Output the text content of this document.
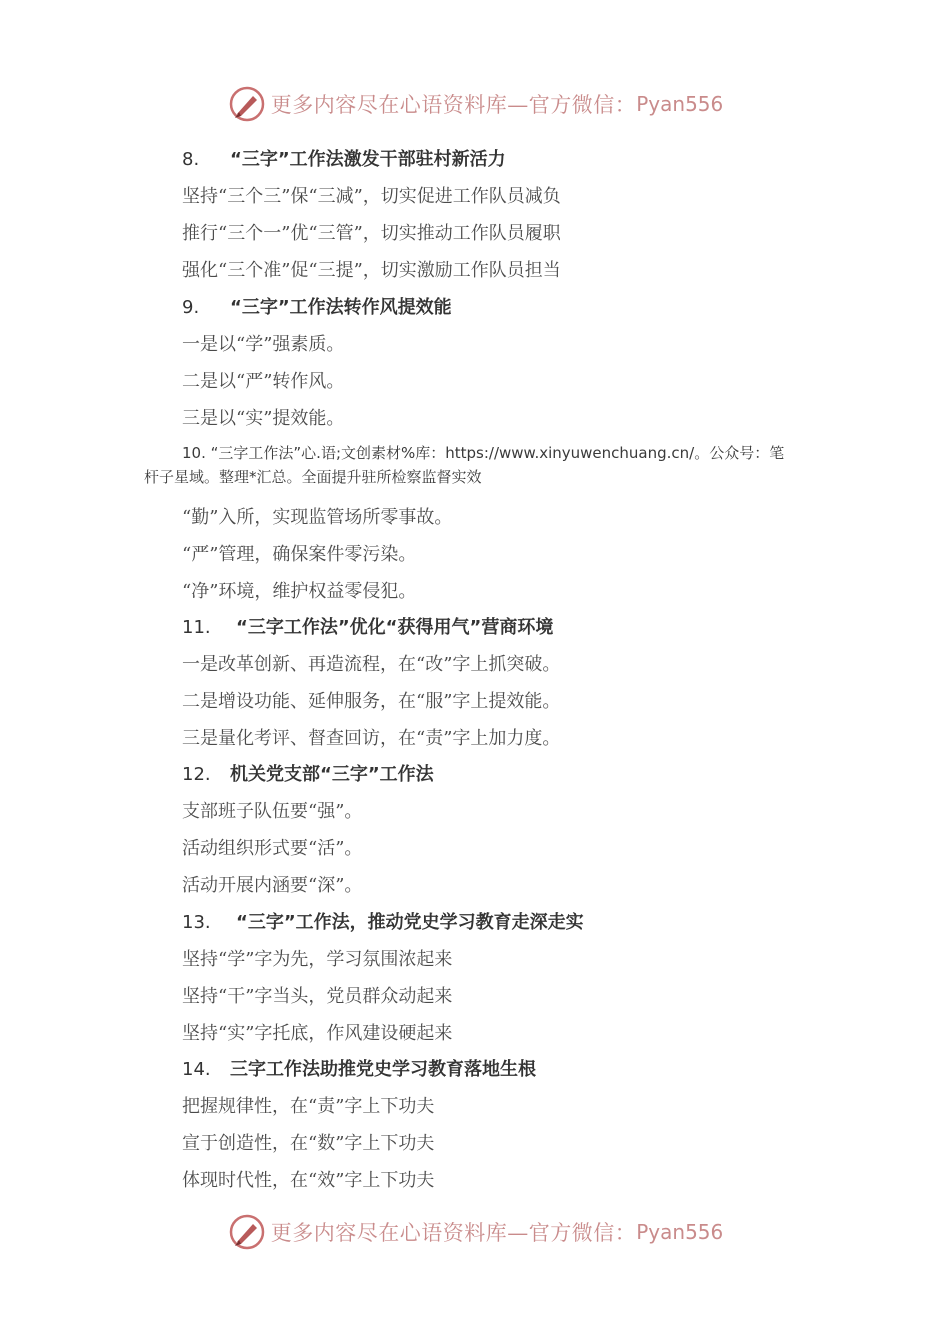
更多内容尽在心语资料库—官方微信： Pyan556
8. “三字”工作法激发干部驻村新活力
坚持“三个三”保“三减”，切实促进工作队员减负
推行“三个一”优“三管”，切实推动工作队员履职
强化“三个准”促“三提”，切实激励工作队员担当
9. “三字”工作法转作风提效能
一是以“学”强素质。
二是以“严”转作风。
三是以“实”提效能。
10. “三字工作法”心.语;文创素材%库：https://www.xinyuwenchuang.cn/。公众号：笔
杆子星域。整理*汇总。全面提升驻所检察监督实效
“勤”入所，实现监管场所零事故。
“严”管理，确保案件零污染。
“净”环境，维护权益零侵犯。
11. “三字工作法”优化“获得用气”营商环境
一是改革创新、再造流程，在“改”字上抓突破。
二是增设功能、延伸服务，在“服”字上提效能。
三是量化考评、督查回访，在“责”字上加力度。
12. 机关党支部“三字”工作法
支部班子队伍要“强”。
活动组织形式要“活”。
活动开展内涵要“深”。
13. “三字”工作法，推动党史学习教育走深走实
坚持“学”字为先，学习氛围浓起来
坚持“干”字当头，党员群众动起来
坚持“实”字托底，作风建设硬起来
14. 三字工作法助推党史学习教育落地生根
把握规律性，在“责”字上下功夫
宣于创造性，在“数”字上下功夫
体现时代性，在“效”字上下功夫
更多内容尽在心语资料库—官方微信： Pyan556
